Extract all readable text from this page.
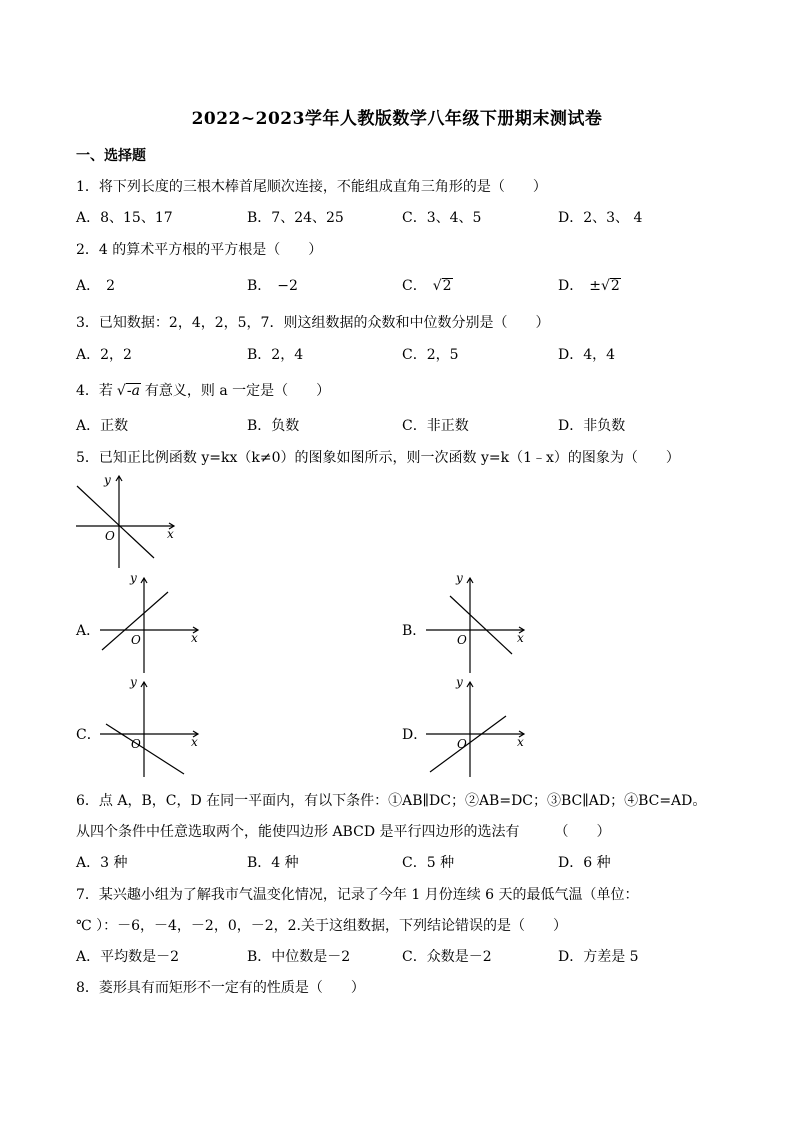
2022~2023学年人教版数学八年级下册期末测试卷
一、选择题
1．将下列长度的三根木棒首尾顺次连接，不能组成直角三角形的是（　　）
A．8、15、17	B．7、24、25	C．3、4、5	D．2、3、 4
2．4 的算术平方根的平方根是（　　）
A． 2	B． −2	C． √2	D． ±√2
3．已知数据：2，4，2，5，7．则这组数据的众数和中位数分别是（　　）
A．2，2	B．2，4	C．2，5	D．4，4
4．若 √-a 有意义，则 a 一定是（　　）
A．正数	B．负数	C．非正数	D．非负数
5．已知正比例函数 y=kx（k≠0）的图象如图所示，则一次函数 y=k（1﹣x）的图象为（　　）
y
x
O
A．
y
x
O
B．
y
x
O
C．
y
x
O
D．
y
x
O
6．点 A，B，C，D 在同一平面内，有以下条件：①AB∥DC；②AB=DC；③BC∥AD；④BC=AD。
从四个条件中任意选取两个，能使四边形 ABCD 是平行四边形的选法有　　　（　　）
A．3 种	B．4 种	C．5 种	D．6 种
7．某兴趣小组为了解我市气温变化情况，记录了今年 1 月份连续 6 天的最低气温（单位：
℃ ）：－6，－4，－2，0，－2，2.关于这组数据，下列结论错误的是（　　）
A．平均数是－2	B．中位数是－2	C．众数是－2	D．方差是 5
8．菱形具有而矩形不一定有的性质是（　　）
